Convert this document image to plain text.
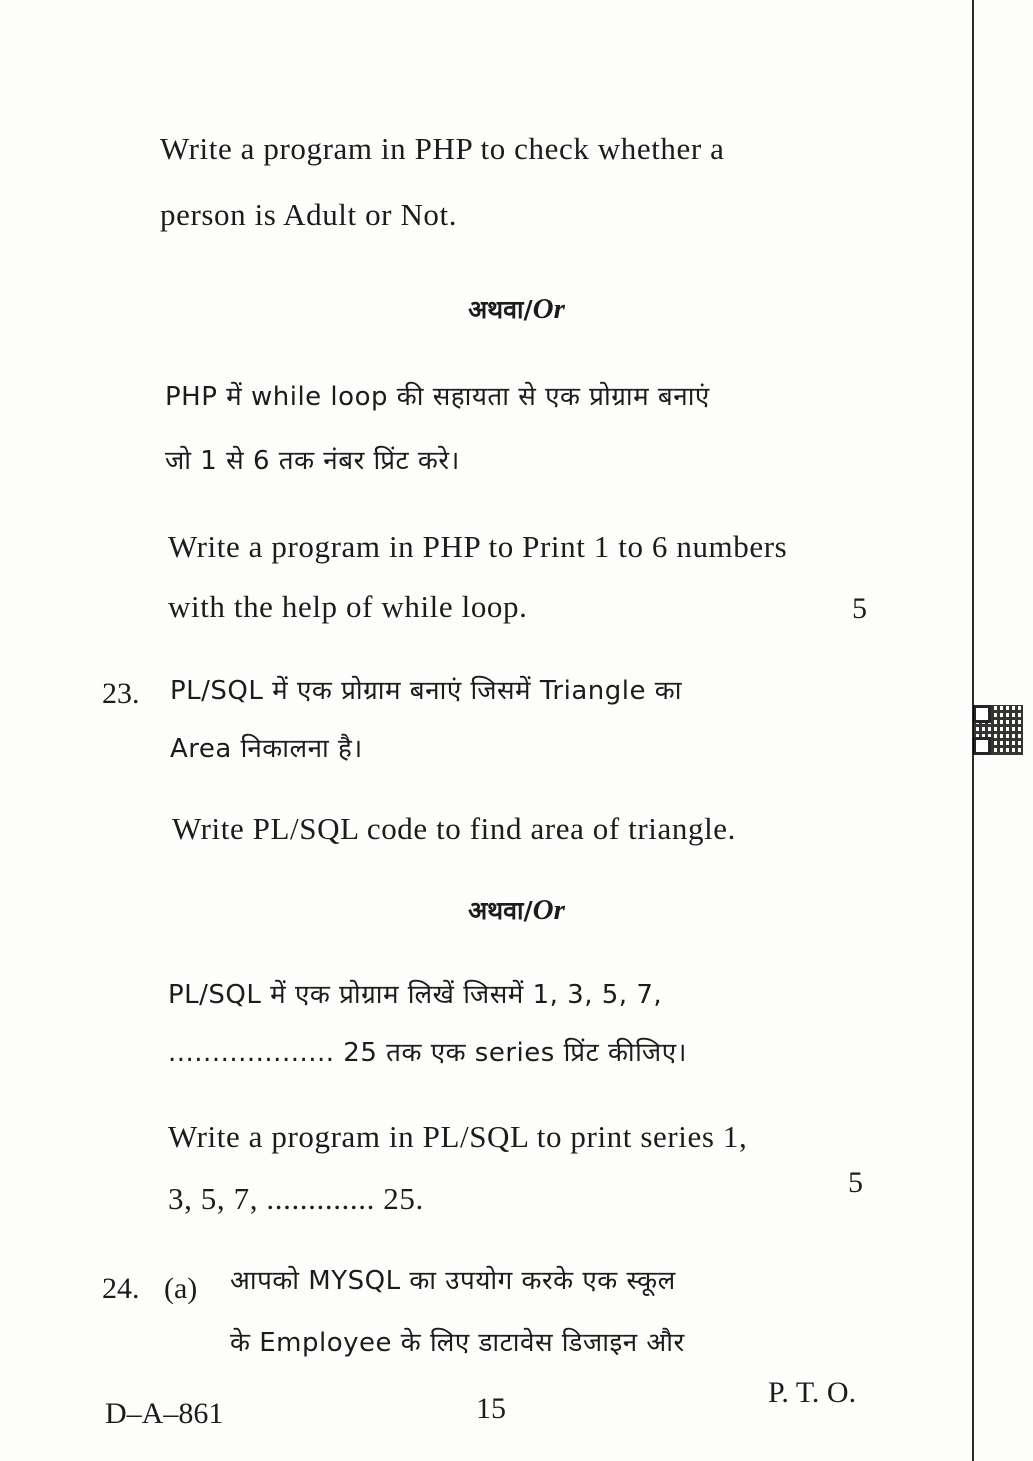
Write a program in PHP to check whether a
person is Adult or Not.
अथवा/Or
PHP में while loop की सहायता से एक प्रोग्राम बनाएं
जो 1 से 6 तक नंबर प्रिंट करे।
Write a program in PHP to Print 1 to 6 numbers
with the help of while loop.	5
23. PL/SQL में एक प्रोग्राम बनाएं जिसमें Triangle का
Area निकालना है।
Write PL/SQL code to find area of triangle.
अथवा/Or
PL/SQL में एक प्रोग्राम लिखें जिसमें 1, 3, 5, 7,
................... 25 तक एक series प्रिंट कीजिए।
Write a program in PL/SQL to print series 1,
3, 5, 7, ............. 25.	5
24. (a) आपको MYSQL का उपयोग करके एक स्कूल
के Employee के लिए डाटावेस डिजाइन और
D–A–861	15	P. T. O.
